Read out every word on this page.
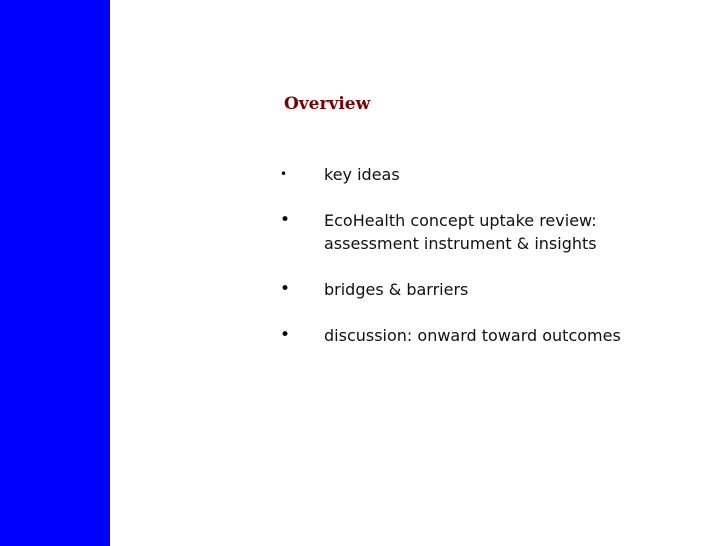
Overview
•	key ideas
•	EcoHealth concept uptake review:
assessment instrument & insights
•	bridges & barriers
•	discussion: onward toward outcomes
